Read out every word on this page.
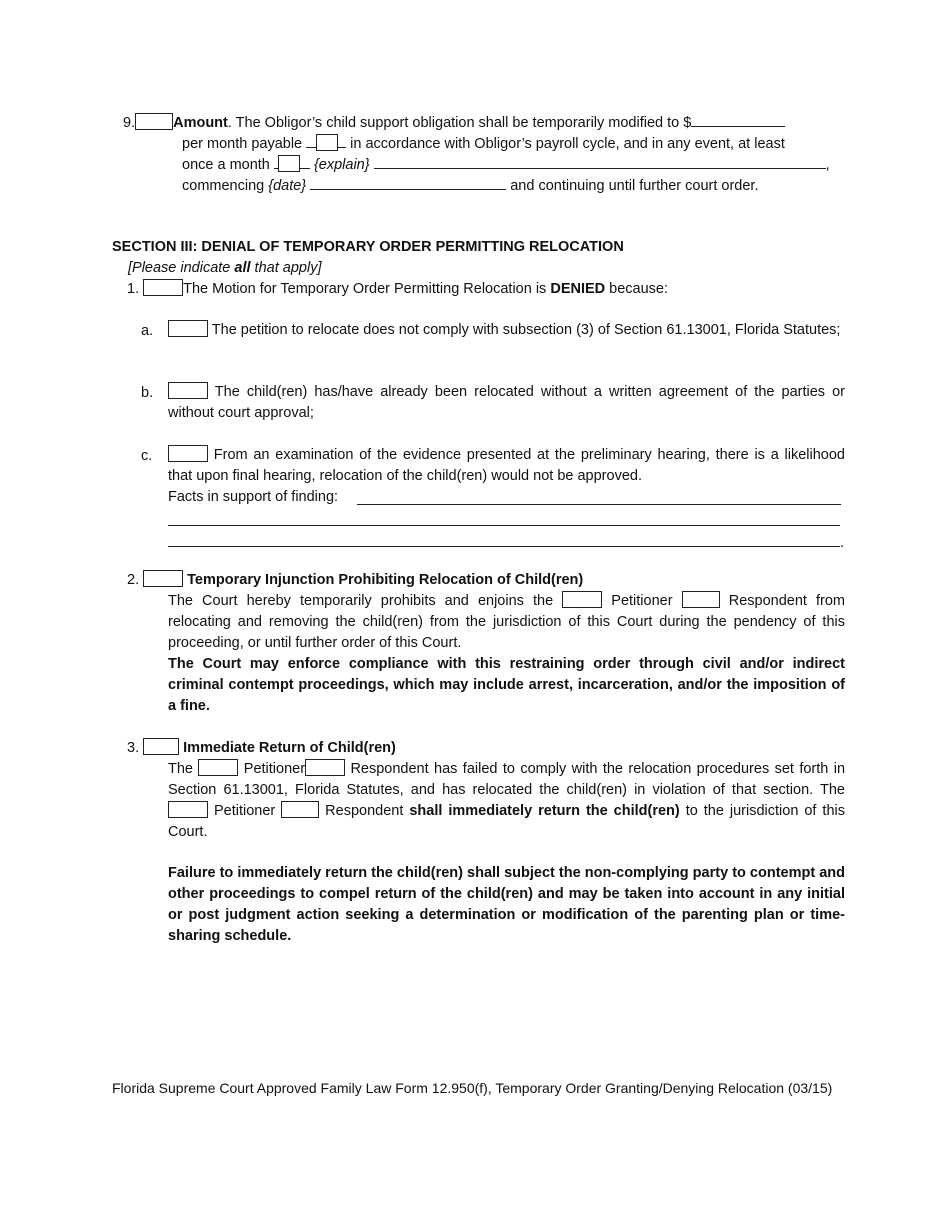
9.	Amount. The Obligor’s child support obligation shall be temporarily modified to $
per month payable	in accordance with Obligor’s payroll cycle, and in any event, at least
once a month	{explain}	,
commencing {date}	and continuing until further court order.
SECTION III: DENIAL OF TEMPORARY ORDER PERMITTING RELOCATION
[Please indicate all that apply]
1.	The Motion for Temporary Order Permitting Relocation is DENIED because:
a.	The petition to relocate does not comply with subsection (3) of Section 61.13001, Florida Statutes;
b.	The child(ren) has/have already been relocated without a written agreement of the parties or without court approval;
c.	From an examination of the evidence presented at the preliminary hearing, there is a likelihood that upon final hearing, relocation of the child(ren) would not be approved.
Facts in support of finding:
.
2.	Temporary Injunction Prohibiting Relocation of Child(ren)
The Court hereby temporarily prohibits and enjoins the	Petitioner	Respondent from relocating and removing the child(ren) from the jurisdiction of this Court during the pendency of this proceeding, or until further order of this Court.
The Court may enforce compliance with this restraining order through civil and/or indirect criminal contempt proceedings, which may include arrest, incarceration, and/or the imposition of a fine.
3.	Immediate Return of Child(ren)
The	Petitioner	Respondent has failed to comply with the relocation procedures set forth in Section 61.13001, Florida Statutes, and has relocated the child(ren) in violation of that section. The  Petitioner	Respondent shall immediately return the child(ren) to the jurisdiction of this Court.
Failure to immediately return the child(ren) shall subject the non-complying party to contempt and other proceedings to compel return of the child(ren) and may be taken into account in any initial or post judgment action seeking a determination or modification of the parenting plan or time-sharing schedule.
Florida Supreme Court Approved Family Law Form 12.950(f), Temporary Order Granting/Denying Relocation (03/15)
